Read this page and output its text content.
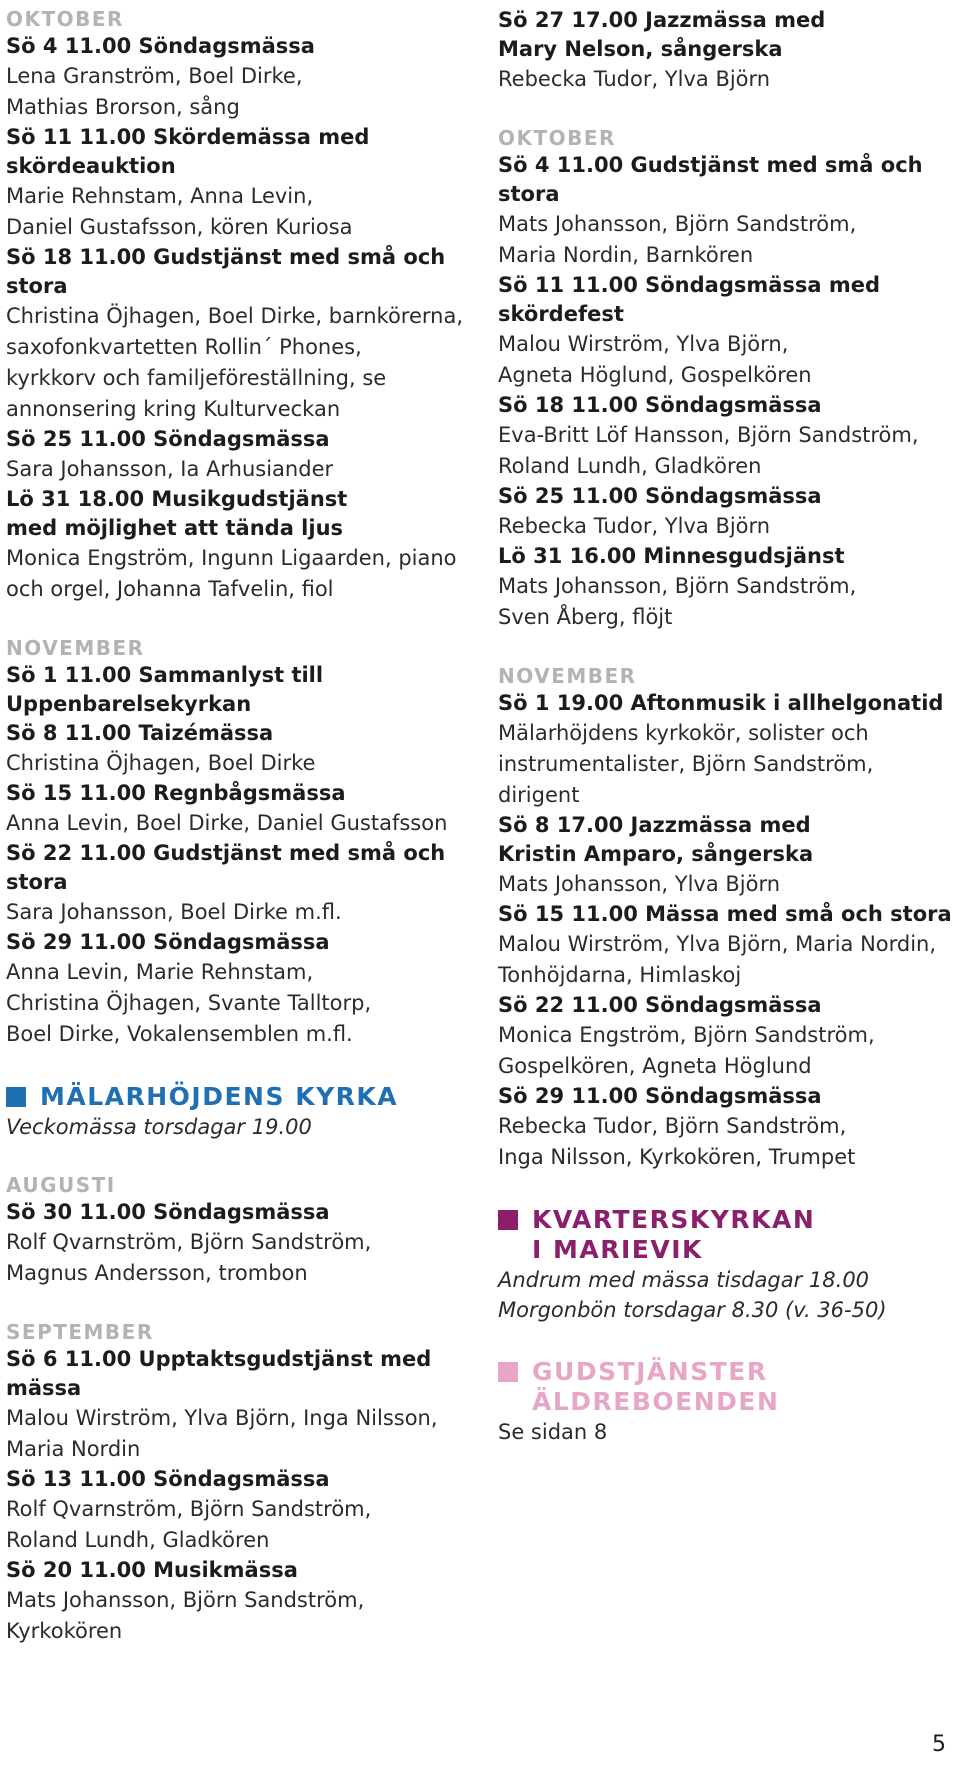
OKTOBER
Sö 4 11.00 Söndagsmässa
Lena Granström, Boel Dirke,
Mathias Brorson, sång
Sö 11 11.00 Skördemässa med
skördeauktion
Marie Rehnstam, Anna Levin,
Daniel Gustafsson, kören Kuriosa
Sö 18 11.00 Gudstjänst med små och stora
Christina Öjhagen, Boel Dirke, barnkörerna,
saxofonkvartetten Rollin´ Phones,
kyrkkorv och familjeföreställning, se
annonsering kring Kulturveckan
Sö 25 11.00 Söndagsmässa
Sara Johansson, Ia Arhusiander
Lö 31 18.00 Musikgudstjänst
med möjlighet att tända ljus
Monica Engström, Ingunn Ligaarden, piano
och orgel, Johanna Tafvelin, fiol
NOVEMBER
Sö 1 11.00 Sammanlyst till
Uppenbarelsekyrkan
Sö 8 11.00 Taizémässa
Christina Öjhagen, Boel Dirke
Sö 15 11.00 Regnbågsmässa
Anna Levin, Boel Dirke, Daniel Gustafsson
Sö 22 11.00 Gudstjänst med små och stora
Sara Johansson, Boel Dirke m.fl.
Sö 29 11.00 Söndagsmässa
Anna Levin, Marie Rehnstam,
Christina Öjhagen, Svante Talltorp,
Boel Dirke, Vokalensemblen m.fl.
MÄLARHÖJDENS KYRKA
Veckomässa torsdagar 19.00
AUGUSTI
Sö 30 11.00 Söndagsmässa
Rolf Qvarnström, Björn Sandström,
Magnus Andersson, trombon
SEPTEMBER
Sö 6 11.00 Upptaktsgudstjänst med
mässa
Malou Wirström, Ylva Björn, Inga Nilsson,
Maria Nordin
Sö 13 11.00 Söndagsmässa
Rolf Qvarnström, Björn Sandström,
Roland Lundh, Gladkören
Sö 20 11.00 Musikmässa
Mats Johansson, Björn Sandström,
Kyrkokören
Sö 27 17.00 Jazzmässa med
Mary Nelson, sångerska
Rebecka Tudor, Ylva Björn
OKTOBER
Sö 4 11.00 Gudstjänst med små och stora
Mats Johansson, Björn Sandström,
Maria Nordin, Barnkören
Sö 11 11.00 Söndagsmässa med
skördefest
Malou Wirström, Ylva Björn,
Agneta Höglund, Gospelkören
Sö 18 11.00 Söndagsmässa
Eva-Britt Löf Hansson, Björn Sandström,
Roland Lundh, Gladkören
Sö 25 11.00 Söndagsmässa
Rebecka Tudor, Ylva Björn
Lö 31 16.00 Minnesgudsjänst
Mats Johansson, Björn Sandström,
Sven Åberg, flöjt
NOVEMBER
Sö 1 19.00 Aftonmusik i allhelgonatid
Mälarhöjdens kyrkokör, solister och
instrumentalister, Björn Sandström,
dirigent
Sö 8 17.00 Jazzmässa med
Kristin Amparo, sångerska
Mats Johansson, Ylva Björn
Sö 15 11.00 Mässa med små och stora
Malou Wirström, Ylva Björn, Maria Nordin,
Tonhöjdarna, Himlaskoj
Sö 22 11.00 Söndagsmässa
Monica Engström, Björn Sandström,
Gospelkören, Agneta Höglund
Sö 29 11.00 Söndagsmässa
Rebecka Tudor, Björn Sandström,
Inga Nilsson, Kyrkokören, Trumpet
KVARTERSKYRKAN
I MARIEVIK
Andrum med mässa tisdagar 18.00
Morgonbön torsdagar 8.30 (v. 36-50)
GUDSTJÄNSTER
ÄLDREBOENDEN
Se sidan 8
5
